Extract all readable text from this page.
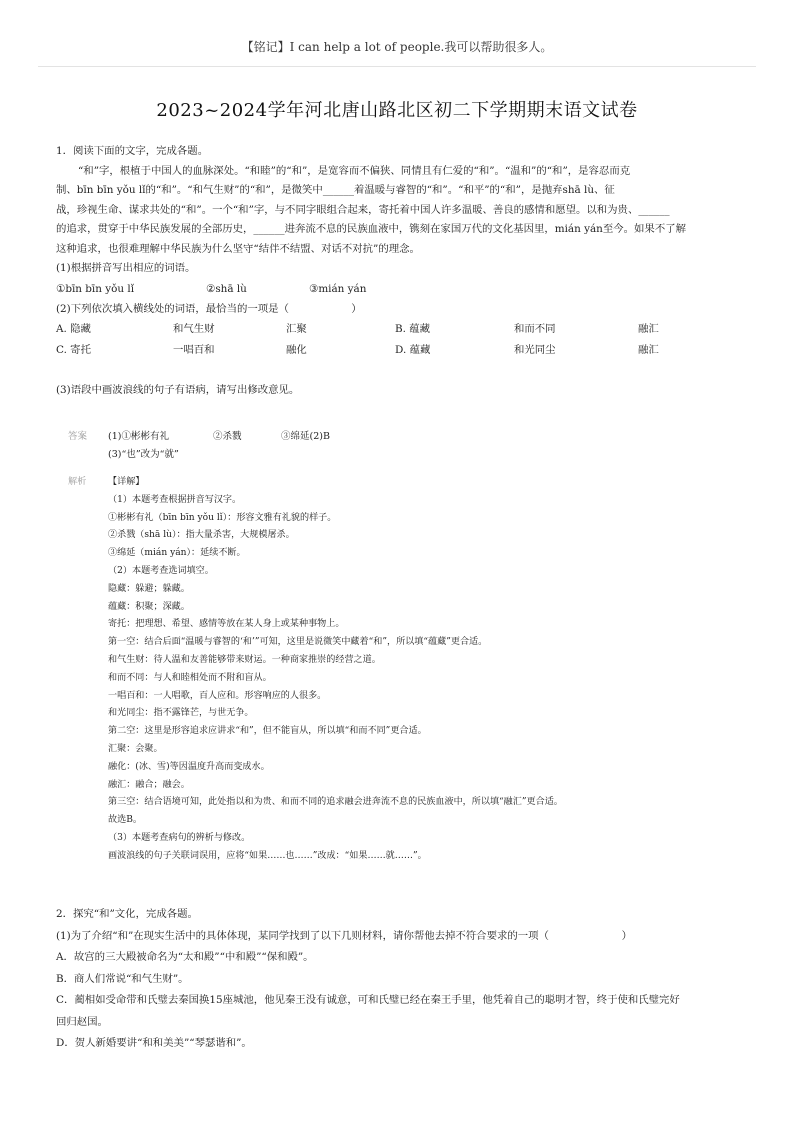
【铭记】I can help a lot of people.我可以帮助很多人。
2023~2024学年河北唐山路北区初二下学期期末语文试卷

1．阅读下面的文字，完成各题。

“和”字，根植于中国人的血脉深处。“和睦”的“和”，是宽容而不偏狭、同情且有仁爱的“和”。“温和”的“和”，是容忍而克

制、bīn bīn yǒu lǐ的“和”。“和气生财”的“和”，是微笑中______着温暖与睿智的“和”。“和平”的“和”，是抛弃shā lù、征

战，珍视生命、谋求共处的“和”。一个“和”字，与不同字眼组合起来，寄托着中国人许多温暖、善良的感情和愿望。以和为贵、______

的追求，贯穿于中华民族发展的全部历史，______进奔流不息的民族血液中，镌刻在家国万代的文化基因里，mián yán至今。如果不了解

这种追求，也很难理解中华民族为什么坚守“结伴不结盟、对话不对抗”的理念。

(1)根据拼音写出相应的词语。

①bīn bīn yǒu lǐ	②shā lù	③mián yán

(2)下列依次填入横线处的词语，最恰当的一项是（　　　　　　）

A. 隐藏	和气生财	汇聚	B. 蕴藏	和而不同	融汇
C. 寄托	一唱百和	融化	D. 蕴藏	和光同尘	融汇

(3)语段中画波浪线的句子有语病，请写出修改意见。

答案	(1)①彬彬有礼	②杀戮	③绵延(2)B

(3)“也”改为“就”

解析	【详解】

（1）本题考查根据拼音写汉字。

①彬彬有礼（bīn bīn yǒu lǐ）：形容文雅有礼貌的样子。

②杀戮（shā lù）：指大量杀害，大规模屠杀。

③绵延（mián yán）：延续不断。

（2）本题考查选词填空。

隐藏：躲避；躲藏。

蕴藏：积聚；深藏。

寄托：把理想、希望、感情等放在某人身上或某种事物上。

第一空：结合后面“温暖与睿智的‘和’”可知，这里是说微笑中藏着“和”，所以填“蕴藏”更合适。

和气生财：待人温和友善能够带来财运。一种商家推崇的经营之道。

和而不同：与人和睦相处而不附和盲从。

一唱百和：一人唱歌，百人应和。形容响应的人很多。

和光同尘：指不露锋芒，与世无争。

第二空：这里是形容追求应讲求“和”，但不能盲从，所以填“和而不同”更合适。

汇聚：会聚。

融化：(冰、雪)等因温度升高而变成水。

融汇：融合；融会。

第三空：结合语境可知，此处指以和为贵、和而不同的追求融会进奔流不息的民族血液中，所以填“融汇”更合适。

故选B。

（3）本题考查病句的辨析与修改。

画波浪线的句子关联词误用，应将“如果……也……”改成：“如果……就……”。

2．探究“和”文化，完成各题。

(1)为了介绍“和”在现实生活中的具体体现，某同学找到了以下几则材料，请你帮他去掉不符合要求的一项（　　　　　　　）

A．故宫的三大殿被命名为“太和殿”“中和殿”“保和殿”。

B．商人们常说“和气生财”。

C．蔺相如受命带和氏璧去秦国换15座城池，他见秦王没有诚意，可和氏璧已经在秦王手里，他凭着自己的聪明才智，终于使和氏璧完好

回归赵国。

D．贺人新婚要讲“和和美美”“琴瑟谐和”。
